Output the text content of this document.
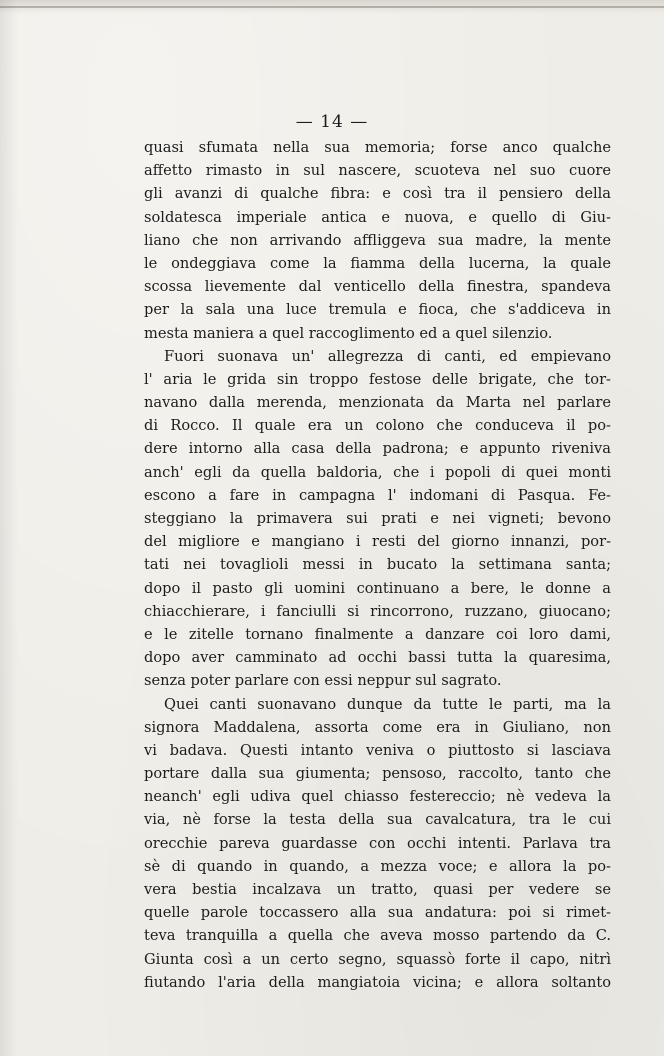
— 14 —
quasi sfumata nella sua memoria; forse anco qualche
affetto rimasto in sul nascere, scuoteva nel suo cuore
gli avanzi di qualche fibra: e così tra il pensiero della
soldatesca imperiale antica e nuova, e quello di Giu-
liano che non arrivando affliggeva sua madre, la mente
le ondeggiava come la fiamma della lucerna, la quale
scossa lievemente dal venticello della finestra, spandeva
per la sala una luce tremula e fioca, che s'addiceva in
mesta maniera a quel raccoglimento ed a quel silenzio.
Fuori suonava un' allegrezza di canti, ed empievano
l' aria le grida sin troppo festose delle brigate, che tor-
navano dalla merenda, menzionata da Marta nel parlare
di Rocco. Il quale era un colono che conduceva il po-
dere intorno alla casa della padrona; e appunto riveniva
anch' egli da quella baldoria, che i popoli di quei monti
escono a fare in campagna l' indomani di Pasqua. Fe-
steggiano la primavera sui prati e nei vigneti; bevono
del migliore e mangiano i resti del giorno innanzi, por-
tati nei tovaglioli messi in bucato la settimana santa;
dopo il pasto gli uomini continuano a bere, le donne a
chiacchierare, i fanciulli si rincorrono, ruzzano, giuocano;
e le zitelle tornano finalmente a danzare coi loro dami,
dopo aver camminato ad occhi bassi tutta la quaresima,
senza poter parlare con essi neppur sul sagrato.
Quei canti suonavano dunque da tutte le parti, ma la
signora Maddalena, assorta come era in Giuliano, non
vi badava. Questi intanto veniva o piuttosto si lasciava
portare dalla sua giumenta; pensoso, raccolto, tanto che
neanch' egli udiva quel chiasso festereccio; nè vedeva la
via, nè forse la testa della sua cavalcatura, tra le cui
orecchie pareva guardasse con occhi intenti. Parlava tra
sè di quando in quando, a mezza voce; e allora la po-
vera bestia incalzava un tratto, quasi per vedere se
quelle parole toccassero alla sua andatura: poi si rimet-
teva tranquilla a quella che aveva mosso partendo da C.
Giunta così a un certo segno, squassò forte il capo, nitrì
fiutando l'aria della mangiatoia vicina; e allora soltanto
